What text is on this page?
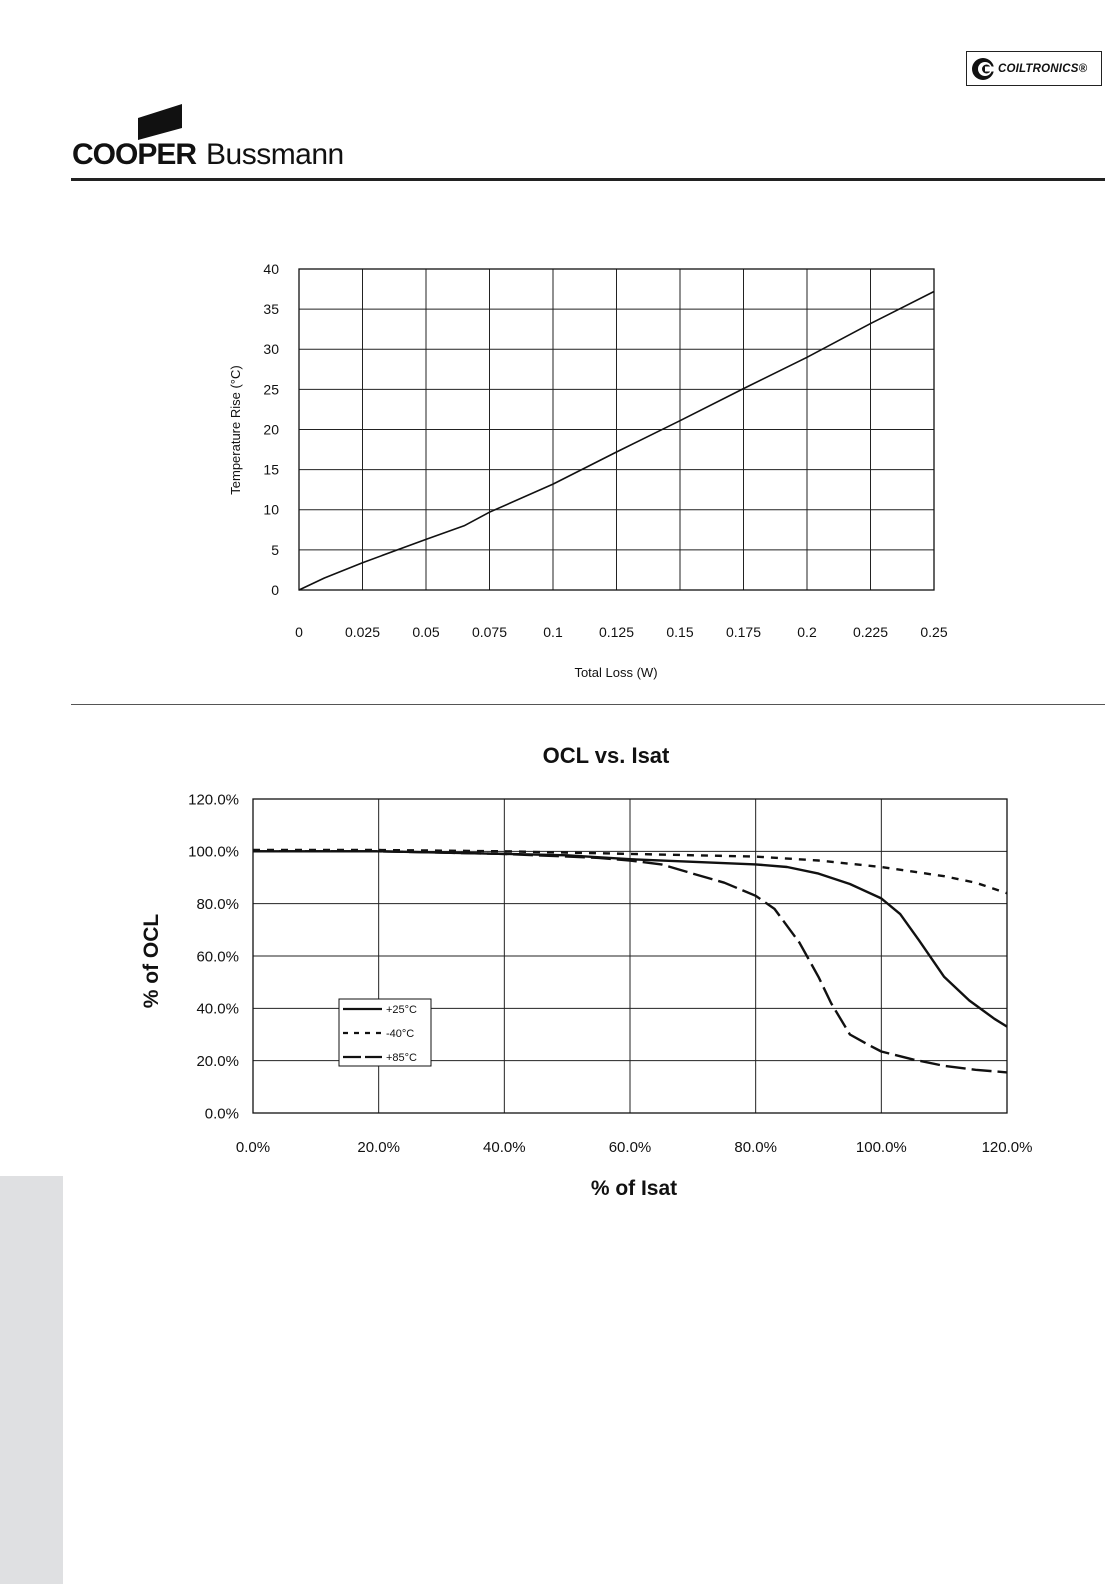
COILTRONICS®
COOPER Bussmann
0	0.025 0.05 0.075	0.1	0.125 0.15 0.175	0.2	0.225 0.25
0
5
10
15
20
25
30
35
40
Total Loss (W)
Temperature Rise (°C)
OCL vs. Isat
0.0%	20.0%	40.0%	60.0%	80.0%	100.0%	120.0%
0.0%
20.0%
40.0%
60.0%
80.0%
100.0%
120.0%
% of Isat
% of OCL
+25°C
-40°C
+85°C
